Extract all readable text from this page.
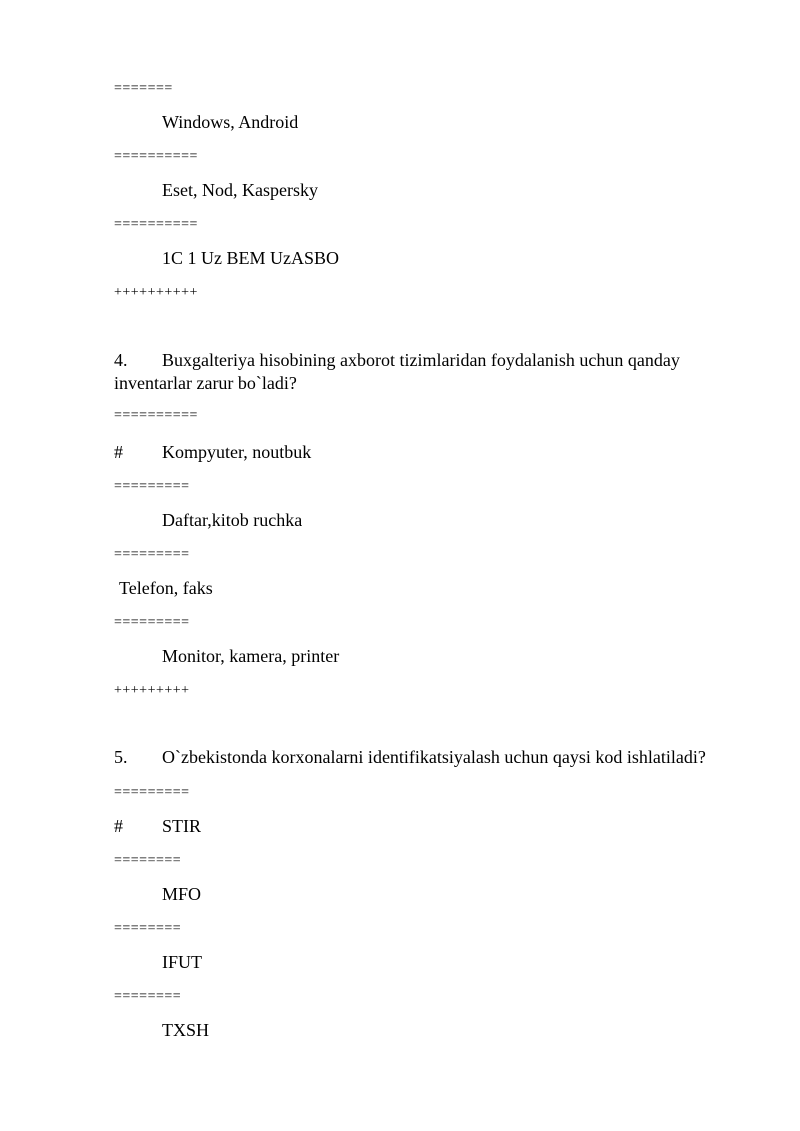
=======
Windows, Android
==========
Eset, Nod, Kaspersky
==========
1C 1 Uz BEM UzASBO
++++++++++
4. Buxgalteriya hisobining axborot tizimlaridan foydalanish uchun qanday inventarlar zarur bo`ladi?
==========
# Kompyuter, noutbuk
=========
Daftar,kitob ruchka
=========
Telefon, faks
=========
Monitor, kamera, printer
+++++++++
5. O`zbekistonda korxonalarni identifikatsiyalash uchun qaysi kod ishlatiladi?
=========
# STIR
========
MFO
========
IFUT
========
TXSH
